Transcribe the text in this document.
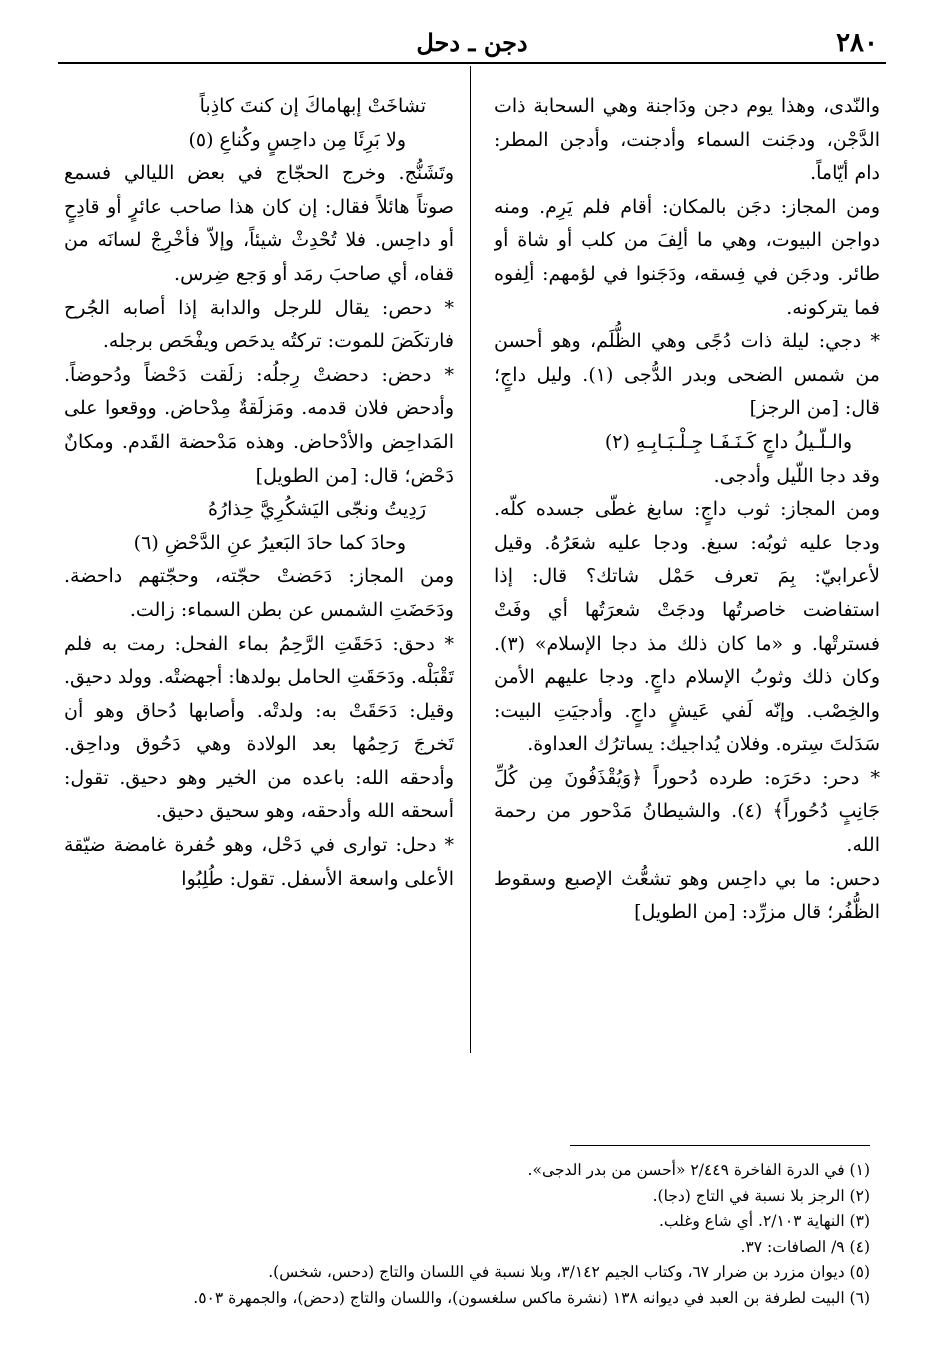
٢٨٠
دجن ـ دحل

والنّدى، وهذا يوم دجن ودَاجنة وهي السحابة ذات الدَّجْن، ودجَنت السماء وأدجنت، وأدجن المطر: دام أيّاماً.

ومن المجاز: دجَن بالمكان: أقام فلم يَرِم. ومنه دواجن البيوت، وهي ما ألِفَ من كلب أو شاة أو طائر. ودجَن في فِسقه، ودَجَنوا في لؤمهم: ألِفوه فما يتركونه.

* دجي: ليلة ذات دُجًى وهي الظُّلَم، وهو أحسن من شمس الضحى وبدر الدُّجى (١). وليل داجٍ؛ قال: [من الرجز]

والـلّـيلُ داجٍ كَـنَـفَـا جِـلْـبَـابِـهِ (٢)

وقد دجا اللّيل وأدجى.

ومن المجاز: ثوب داجٍ: سابغ غطّى جسده كلّه. ودجا عليه ثوبُه: سبغ. ودجا عليه شعَرُهُ. وقيل لأعرابيّ: بِمَ تعرف حَمْل شاتك؟ قال: إذا استفاضت خاصرتُها ودجَتْ شعرَتُها أي وفَتْ فسترتْها. و «ما كان ذلك مذ دجا الإسلام» (٣). وكان ذلك وثوبُ الإسلام داجٍ. ودجا عليهم الأمن والخِصْب. وإنّه لَفي عَيشٍ داجٍ. وأدجيَتِ البيت: سَدَلتَ سِتره. وفلان يُداجيك: يساترُك العداوة.

* دحر: دحَرَه: طرده دُحوراً ﴿وَيُقْذَفُونَ مِن كُلِّ جَانِبٍ دُحُوراً﴾ (٤). والشيطانُ مَدْحور من رحمة الله.

دحس: ما بي داحِس وهو تشعُّث الإصبع وسقوط الظُّفُر؛ قال مزرِّد: [من الطويل]

تشاخَتْ إبهاماكَ إن كنتَ كاذِباً

ولا بَرِئَا مِن داحِسٍ وكُناعِ (٥)

وتَشَنُّج. وخرج الحجّاج في بعض الليالي فسمع صوتاً هائلاً فقال: إن كان هذا صاحب عائرٍ أو قادِحٍ أو داحِس. فلا تُحْدِثْ شيئاً، وإلاّ فأخْرِجْ لسانَه من قفاه، أي صاحبَ رمَد أو وَجع ضِرس.

* دحص: يقال للرجل والدابة إذا أصابه الجُرح فارتكَضَ للموت: تركتُه يدحَص ويفْحَص برجله.

* دحض: دحضتْ رِجلُه: زلَقت دَحْضاً ودُحوضاً. وأدحض فلان قدمه. ومَزلَقةٌ مِدْحاض. ووقعوا على المَداحِض والأدْحاض. وهذه مَدْحضة القَدم. ومكانٌ دَحْض؛ قال: [من الطويل]

رَدِيتُ ونجّى اليَشكُرِيَّ حِذارُهُ

وحادَ كما حادَ البَعيرُ عنِ الدَّحْضِ (٦)

ومن المجاز: دَحَضتْ حجّته، وحجّتهم داحضة. ودَحَضَتِ الشمس عن بطن السماء: زالت.

* دحق: دَحَقَتِ الرَّحِمُ بماء الفحل: رمت به فلم تَقْبَلْه. ودَحَقَتِ الحامل بولدها: أجهضتْه. وولد دحيق. وقيل: دَحَقَتْ به: ولدتْه. وأصابها دُحاق وهو أن تَخرجَ رَحِمُها بعد الولادة وهي دَحُوق وداحِق. وأدحقه الله: باعده من الخير وهو دحيق. تقول: أسحقه الله وأدحقه، وهو سحيق دحيق.

* دحل: توارى في دَحْل، وهو حُفرة غامضة ضيّقة الأعلى واسعة الأسفل. تقول: طُلِبُوا

(١) في الدرة الفاخرة ٢/٤٤٩ «أحسن من بدر الدجى».

(٢) الرجز بلا نسبة في التاج (دجا).

(٣) النهاية ٢/١٠٣. أي شاع وغلب.

(٤) ٩/ الصافات: ٣٧.

(٥) ديوان مزرد بن ضرار ٦٧، وكتاب الجيم ٣/١٤٢، وبلا نسبة في اللسان والتاج (دحس، شخس).

(٦) البيت لطرفة بن العبد في ديوانه ١٣٨ (نشرة ماكس سلغسون)، واللسان والتاج (دحض)، والجمهرة ٥٠٣.
